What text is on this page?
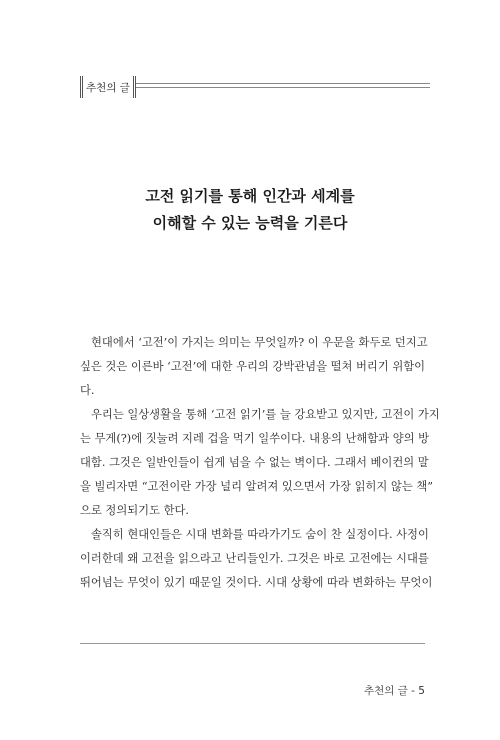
추천의 글
고전 읽기를 통해 인간과 세계를
이해할 수 있는 능력을 기른다
현대에서 ‘고전’이 가지는 의미는 무엇일까? 이 우문을 화두로 던지고
싶은 것은 이른바 ‘고전’에 대한 우리의 강박관념을 떨쳐 버리기 위함이
다.
우리는 일상생활을 통해 ‘고전 읽기’를 늘 강요받고 있지만, 고전이 가지
는 무게(?)에 짓눌려 지레 겁을 먹기 일쑤이다. 내용의 난해함과 양의 방
대함. 그것은 일반인들이 쉽게 넘을 수 없는 벽이다. 그래서 베이컨의 말
을 빌리자면 “고전이란 가장 널리 알려져 있으면서 가장 읽히지 않는 책”
으로 정의되기도 한다.
솔직히 현대인들은 시대 변화를 따라가기도 숨이 찬 실정이다. 사정이
이러한데 왜 고전을 읽으라고 난리들인가. 그것은 바로 고전에는 시대를
뛰어넘는 무엇이 있기 때문일 것이다. 시대 상황에 따라 변화하는 무엇이
추천의 글 - 5
